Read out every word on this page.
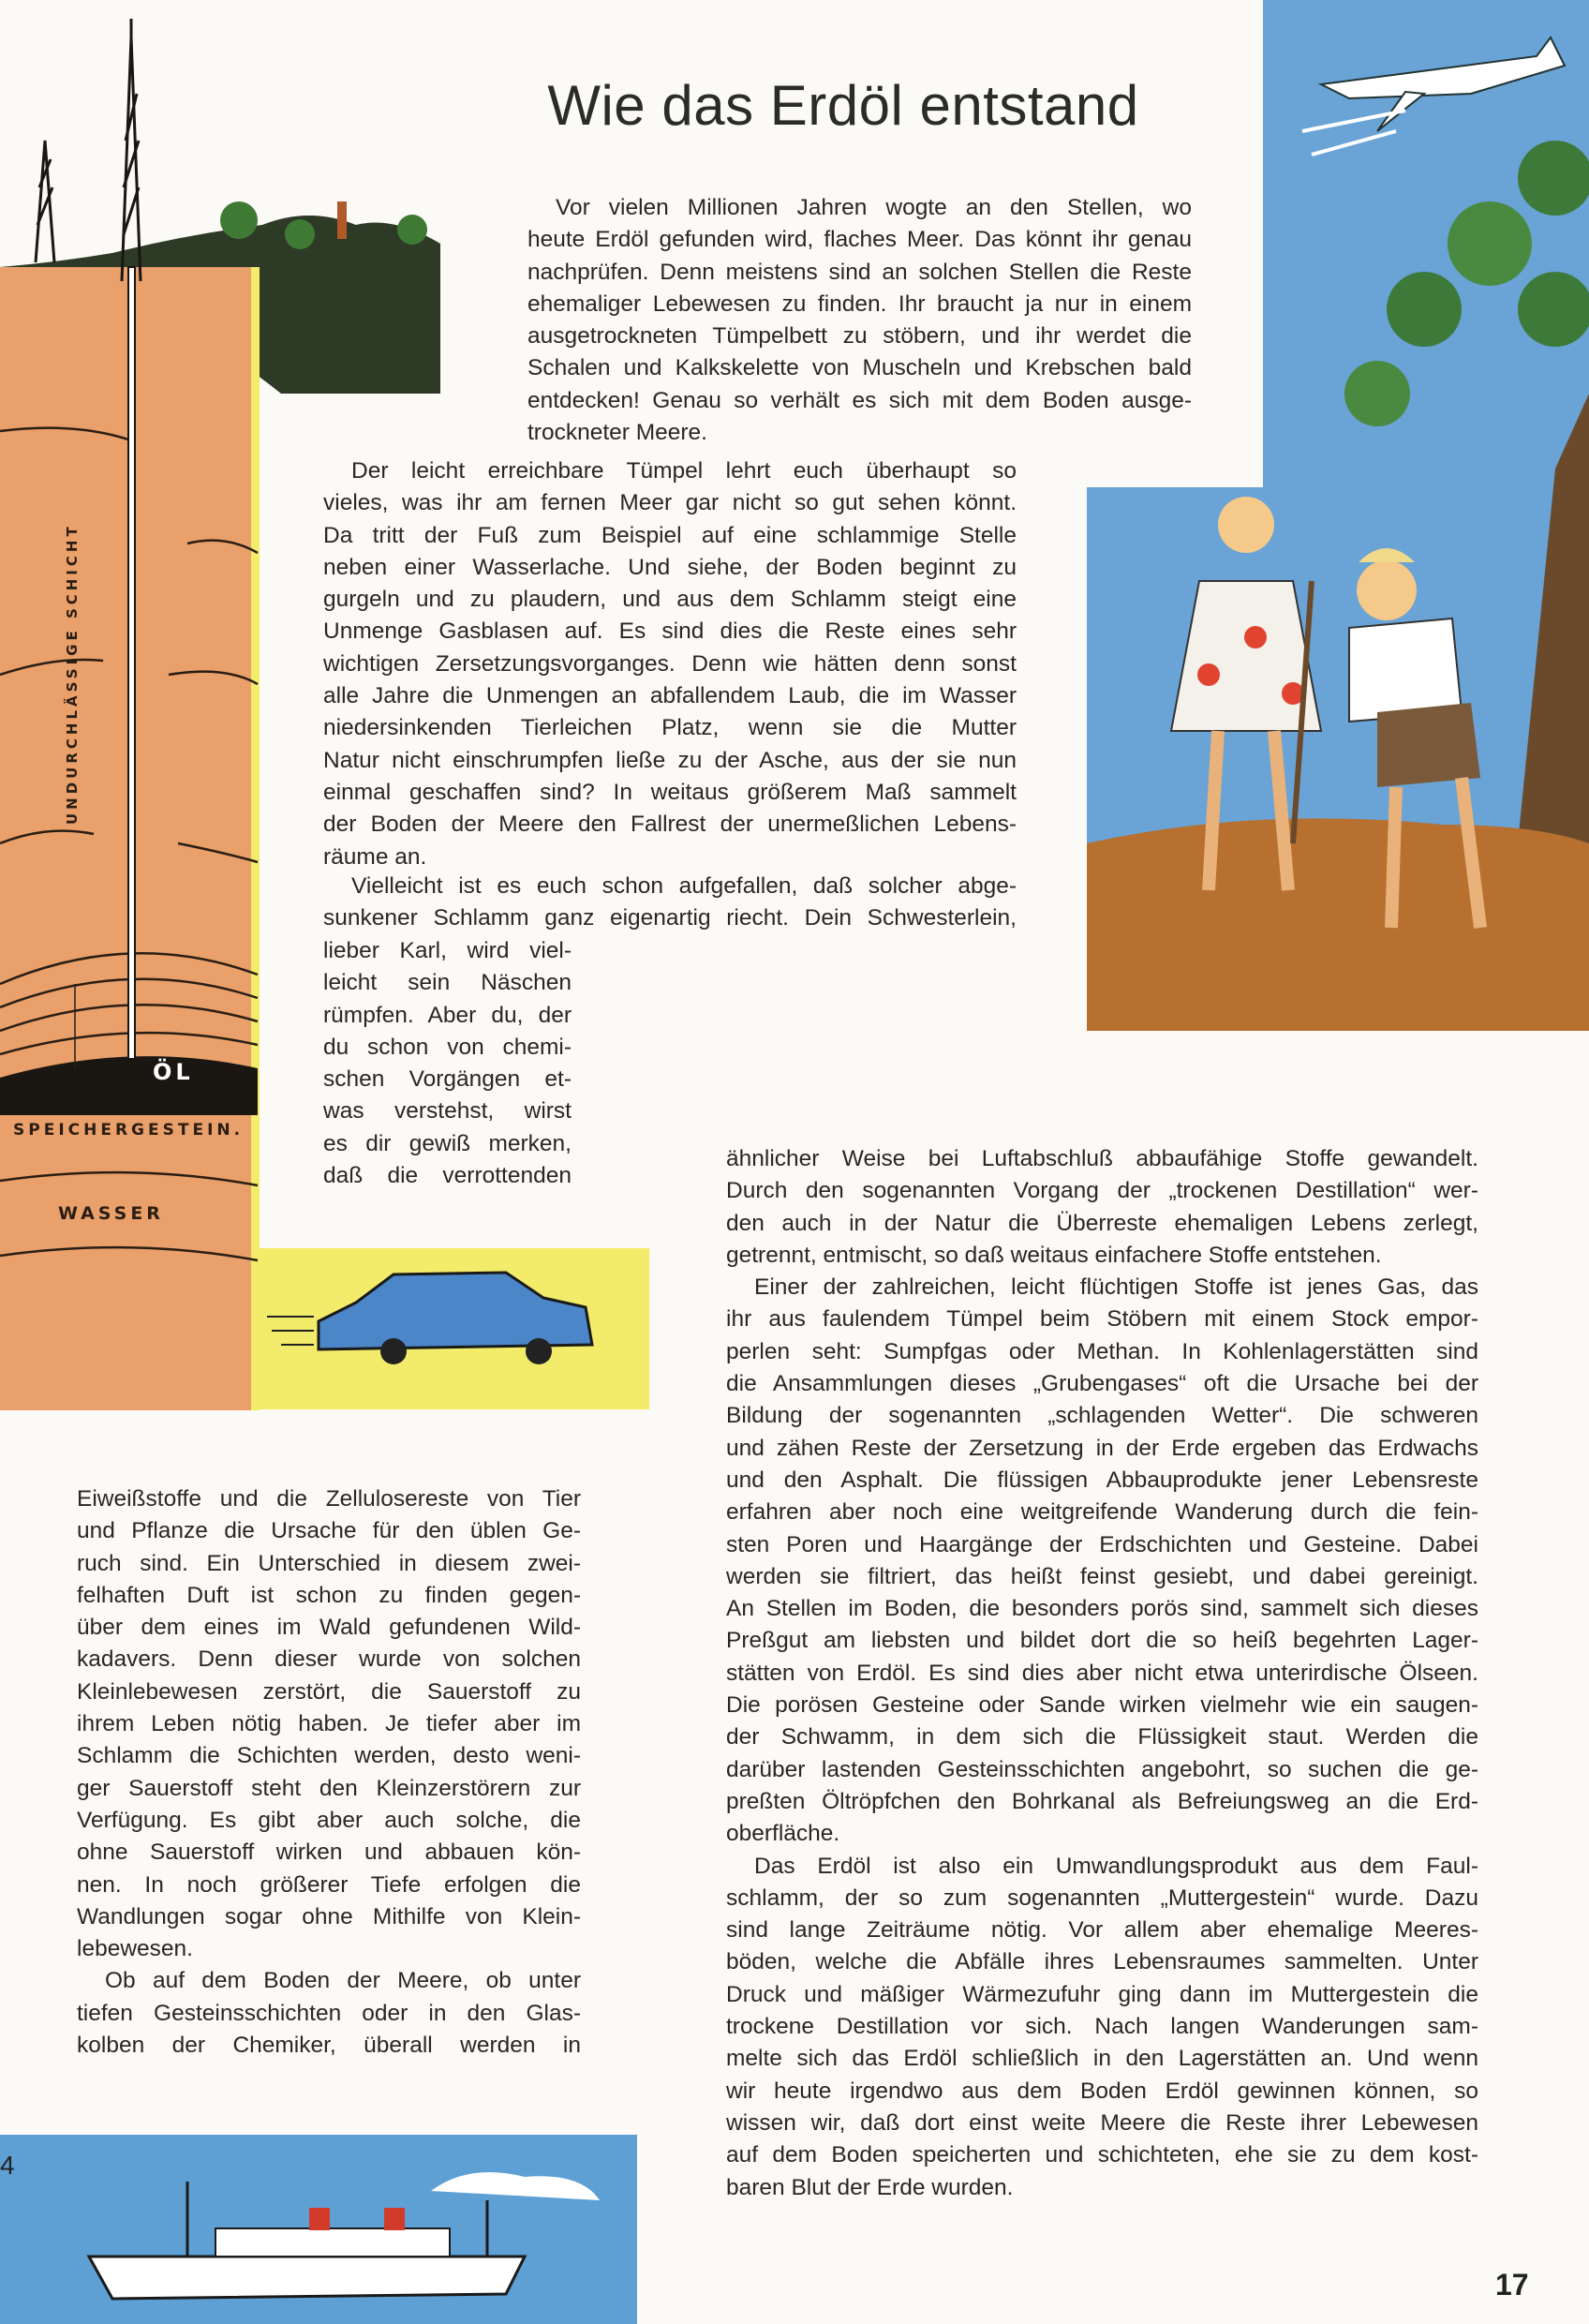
UNDURCHLÄSSIGE SCHICHT
ÖL
SPEICHERGESTEIN.
WASSER
Wie das Erdöl entstand
Vor vielen Millionen Jahren wogte an den Stellen, wo
heute Erdöl gefunden wird, flaches Meer. Das könnt ihr genau
nachprüfen. Denn meistens sind an solchen Stellen die Reste
ehemaliger Lebewesen zu finden. Ihr braucht ja nur in einem
ausgetrockneten Tümpelbett zu stöbern, und ihr werdet die
Schalen und Kalkskelette von Muscheln und Krebschen bald
entdecken! Genau so verhält es sich mit dem Boden ausge-
trockneter Meere.
Der leicht erreichbare Tümpel lehrt euch überhaupt so
vieles, was ihr am fernen Meer gar nicht so gut sehen könnt.
Da tritt der Fuß zum Beispiel auf eine schlammige Stelle
neben einer Wasserlache. Und siehe, der Boden beginnt zu
gurgeln und zu plaudern, und aus dem Schlamm steigt eine
Unmenge Gasblasen auf. Es sind dies die Reste eines sehr
wichtigen Zersetzungsvorganges. Denn wie hätten denn sonst
alle Jahre die Unmengen an abfallendem Laub, die im Wasser
niedersinkenden Tierleichen Platz, wenn sie die Mutter
Natur nicht einschrumpfen ließe zu der Asche, aus der sie nun
einmal geschaffen sind? In weitaus größerem Maß sammelt
der Boden der Meere den Fallrest der unermeßlichen Lebens-
räume an.
Vielleicht ist es euch schon aufgefallen, daß solcher abge-
sunkener Schlamm ganz eigenartig riecht. Dein Schwesterlein,
lieber Karl, wird viel-
leicht sein Näschen
rümpfen. Aber du, der
du schon von chemi-
schen Vorgängen et-
was verstehst, wirst
es dir gewiß merken,
daß die verrottenden
Eiweißstoffe und die Zellulosereste von Tier
und Pflanze die Ursache für den üblen Ge-
ruch sind. Ein Unterschied in diesem zwei-
felhaften Duft ist schon zu finden gegen-
über dem eines im Wald gefundenen Wild-
kadavers. Denn dieser wurde von solchen
Kleinlebewesen zerstört, die Sauerstoff zu
ihrem Leben nötig haben. Je tiefer aber im
Schlamm die Schichten werden, desto weni-
ger Sauerstoff steht den Kleinzerstörern zur
Verfügung. Es gibt aber auch solche, die
ohne Sauerstoff wirken und abbauen kön-
nen. In noch größerer Tiefe erfolgen die
Wandlungen sogar ohne Mithilfe von Klein-
lebewesen.
Ob auf dem Boden der Meere, ob unter
tiefen Gesteinsschichten oder in den Glas-
kolben der Chemiker, überall werden in
ähnlicher Weise bei Luftabschluß abbaufähige Stoffe gewandelt.
Durch den sogenannten Vorgang der „trockenen Destillation“ wer-
den auch in der Natur die Überreste ehemaligen Lebens zerlegt,
getrennt, entmischt, so daß weitaus einfachere Stoffe entstehen.
Einer der zahlreichen, leicht flüchtigen Stoffe ist jenes Gas, das
ihr aus faulendem Tümpel beim Stöbern mit einem Stock empor-
perlen seht: Sumpfgas oder Methan. In Kohlenlagerstätten sind
die Ansammlungen dieses „Grubengases“ oft die Ursache bei der
Bildung der sogenannten „schlagenden Wetter“. Die schweren
und zähen Reste der Zersetzung in der Erde ergeben das Erdwachs
und den Asphalt. Die flüssigen Abbauprodukte jener Lebensreste
erfahren aber noch eine weitgreifende Wanderung durch die fein-
sten Poren und Haargänge der Erdschichten und Gesteine. Dabei
werden sie filtriert, das heißt feinst gesiebt, und dabei gereinigt.
An Stellen im Boden, die besonders porös sind, sammelt sich dieses
Preßgut am liebsten und bildet dort die so heiß begehrten Lager-
stätten von Erdöl. Es sind dies aber nicht etwa unterirdische Ölseen.
Die porösen Gesteine oder Sande wirken vielmehr wie ein saugen-
der Schwamm, in dem sich die Flüssigkeit staut. Werden die
darüber lastenden Gesteinsschichten angebohrt, so suchen die ge-
preßten Öltröpfchen den Bohrkanal als Befreiungsweg an die Erd-
oberfläche.
Das Erdöl ist also ein Umwandlungsprodukt aus dem Faul-
schlamm, der so zum sogenannten „Muttergestein“ wurde. Dazu
sind lange Zeiträume nötig. Vor allem aber ehemalige Meeres-
böden, welche die Abfälle ihres Lebensraumes sammelten. Unter
Druck und mäßiger Wärmezufuhr ging dann im Muttergestein die
trockene Destillation vor sich. Nach langen Wanderungen sam-
melte sich das Erdöl schließlich in den Lagerstätten an. Und wenn
wir heute irgendwo aus dem Boden Erdöl gewinnen können, so
wissen wir, daß dort einst weite Meere die Reste ihrer Lebewesen
auf dem Boden speicherten und schichteten, ehe sie zu dem kost-
baren Blut der Erde wurden.
4
17
